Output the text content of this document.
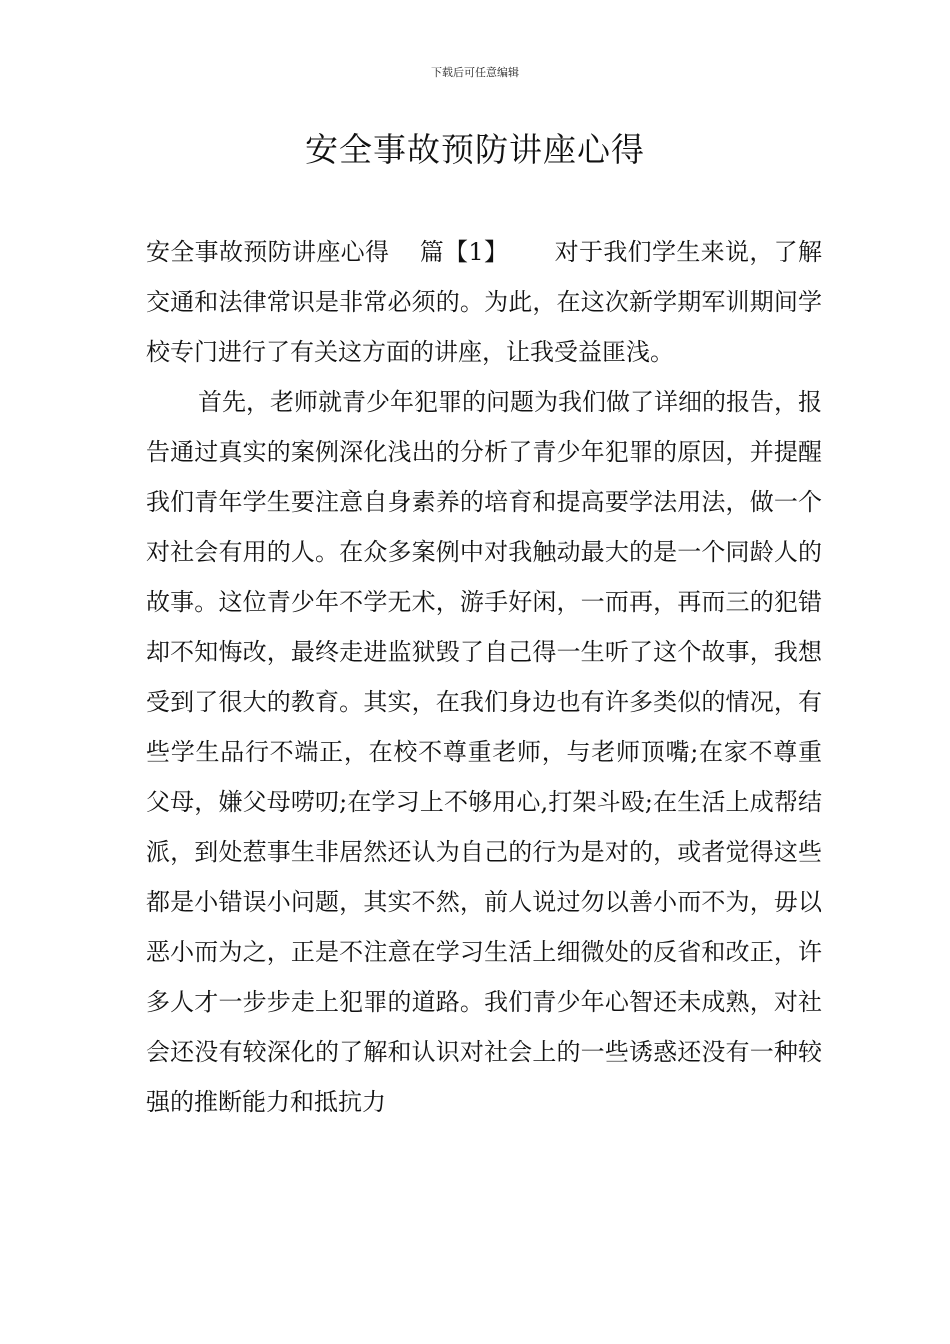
下载后可任意编辑
安全事故预防讲座心得

安全事故预防讲座心得 篇【1】 对于我们学生来说，了解交通和法律常识是非常必须的。为此，在这次新学期军训期间学校专门进行了有关这方面的讲座，让我受益匪浅。

首先，老师就青少年犯罪的问题为我们做了详细的报告，报告通过真实的案例深化浅出的分析了青少年犯罪的原因，并提醒我们青年学生要注意自身素养的培育和提高要学法用法，做一个对社会有用的人。在众多案例中对我触动最大的是一个同龄人的故事。这位青少年不学无术，游手好闲，一而再，再而三的犯错却不知悔改，最终走进监狱毁了自己得一生听了这个故事，我想受到了很大的教育。其实，在我们身边也有许多类似的情况，有些学生品行不端正，在校不尊重老师，与老师顶嘴;在家不尊重父母，嫌父母唠叨;在学习上不够用心,打架斗殴;在生活上成帮结派，到处惹事生非居然还认为自己的行为是对的，或者觉得这些都是小错误小问题，其实不然，前人说过勿以善小而不为，毋以恶小而为之，正是不注意在学习生活上细微处的反省和改正，许多人才一步步走上犯罪的道路。我们青少年心智还未成熟，对社会还没有较深化的了解和认识对社会上的一些诱惑还没有一种较强的推断能力和抵抗力
